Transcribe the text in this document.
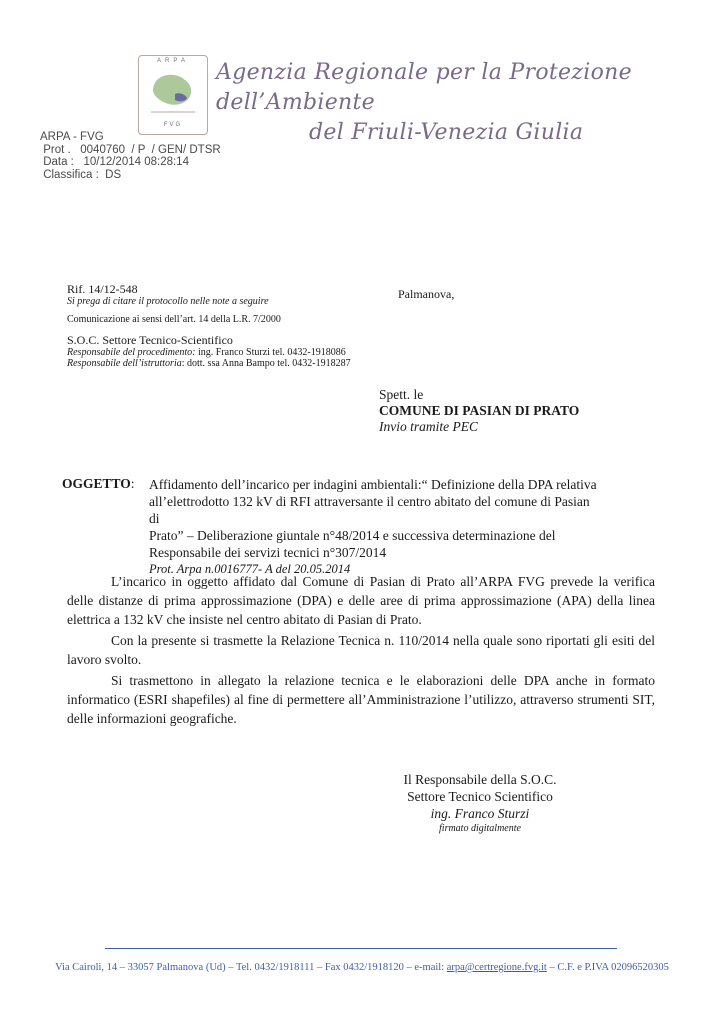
ARPA
FVG
Agenzia Regionale per la Protezione dell’Ambiente
del Friuli-Venezia Giulia
ARPA - FVG
Prot .   0040760  / P  / GEN/ DTSR
Data :   10/12/2014 08:28:14
Classifica :  DS
Rif. 14/12-548
Si prega di citare il protocollo nelle note a seguire
Comunicazione ai sensi dell’art. 14 della L.R. 7/2000
S.O.C. Settore Tecnico-Scientifico
Responsabile del procedimento: ing. Franco Sturzi tel. 0432-1918086
Responsabile dell’istruttoria: dott. ssa Anna Bampo tel. 0432-1918287
Palmanova,
Spett. le
COMUNE DI PASIAN DI PRATO
Invio tramite PEC
OGGETTO: Affidamento dell’incarico per indagini ambientali:“ Definizione della DPA relativa
all’elettrodotto 132 kV di RFI attraversante il centro abitato del comune di Pasian di
Prato” – Deliberazione giuntale n°48/2014 e successiva determinazione del
Responsabile dei servizi tecnici n°307/2014
Prot. Arpa n.0016777- A del 20.05.2014
L’incarico in oggetto affidato dal Comune di Pasian di Prato all’ARPA FVG prevede la verifica delle distanze di prima approssimazione (DPA) e delle aree di prima approssimazione (APA) della linea elettrica a 132 kV che insiste nel centro abitato di Pasian di Prato.
Con la presente si trasmette la Relazione Tecnica n. 110/2014 nella quale sono riportati gli esiti del lavoro svolto.
Si trasmettono in allegato la relazione tecnica e le elaborazioni delle DPA anche in formato informatico (ESRI shapefiles) al fine di permettere all’Amministrazione l’utilizzo, attraverso strumenti SIT, delle informazioni geografiche.
Il Responsabile della S.O.C.
Settore Tecnico Scientifico
ing. Franco Sturzi
firmato digitalmente
Via Cairoli, 14 – 33057 Palmanova (Ud) – Tel. 0432/1918111 – Fax 0432/1918120 – e-mail: arpa@certregione.fvg.it – C.F. e P.IVA 02096520305
